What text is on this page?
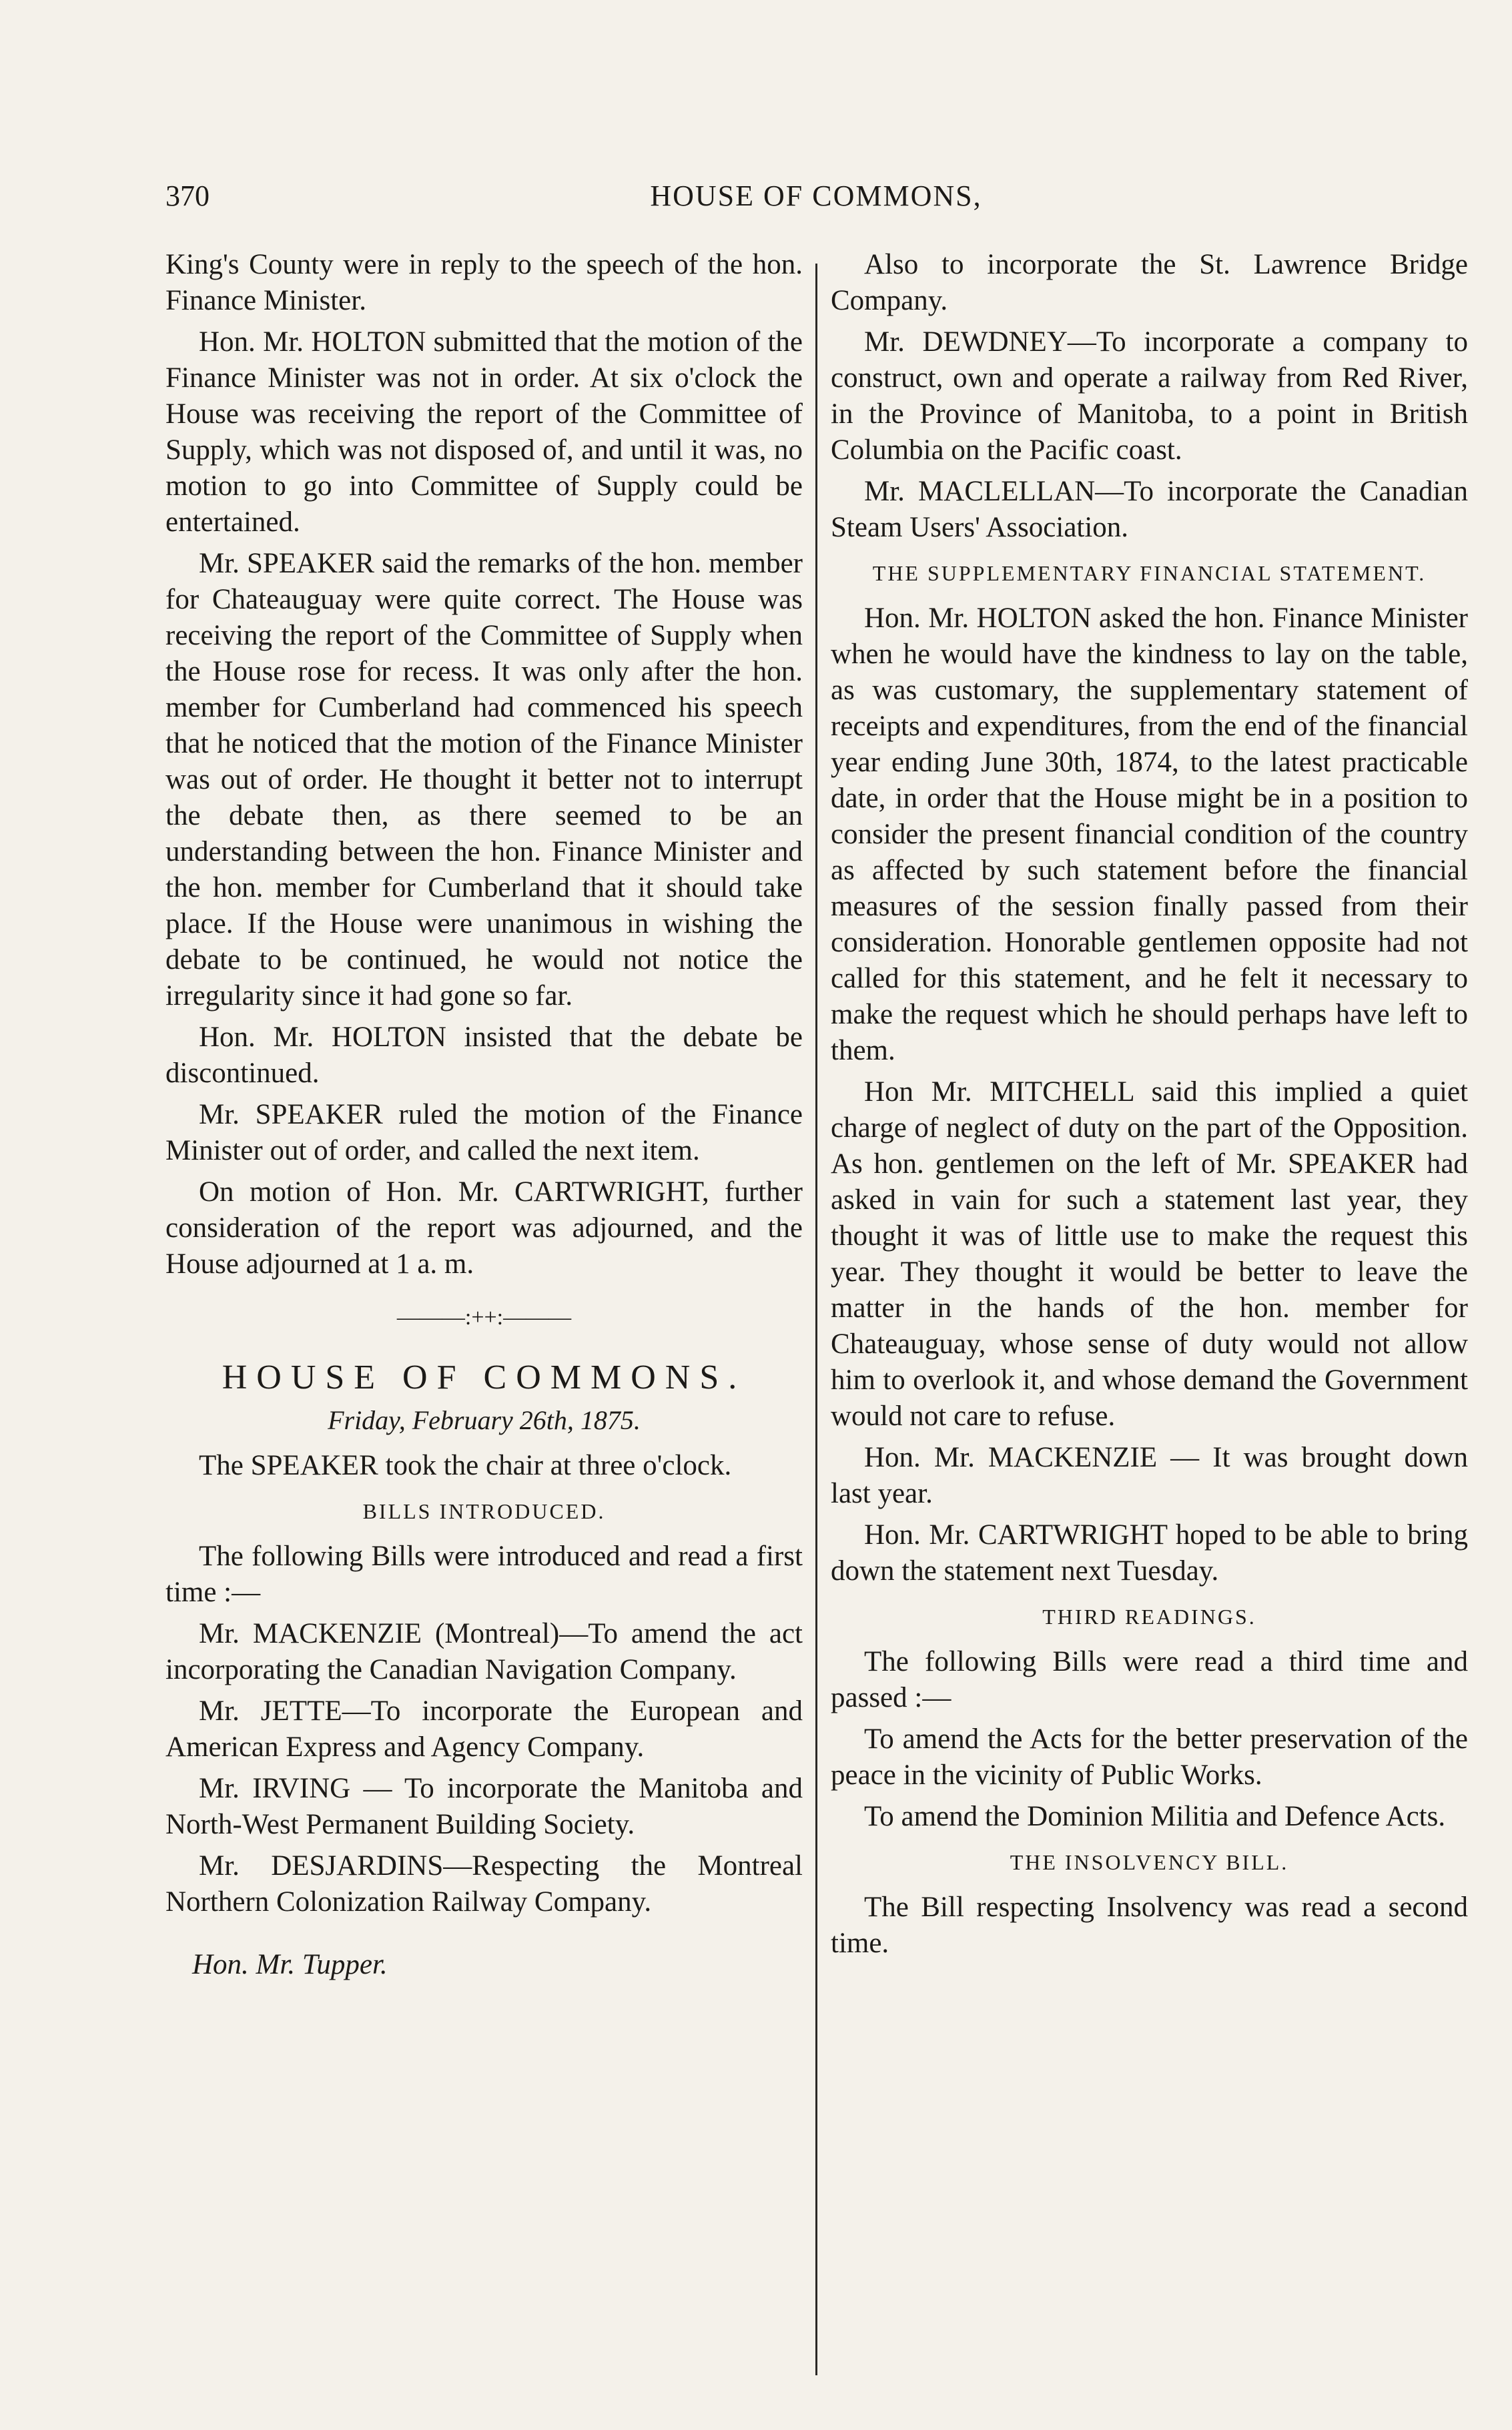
370	HOUSE OF COMMONS,

King's County were in reply to the speech of the hon. Finance Minister.

Hon. Mr. HOLTON submitted that the motion of the Finance Minister was not in order. At six o'clock the House was receiving the report of the Committee of Supply, which was not disposed of, and until it was, no motion to go into Committee of Supply could be entertained.

Mr. SPEAKER said the remarks of the hon. member for Chateauguay were quite correct. The House was receiving the report of the Committee of Supply when the House rose for recess. It was only after the hon. member for Cumberland had commenced his speech that he noticed that the motion of the Finance Minister was out of order. He thought it better not to interrupt the debate then, as there seemed to be an understanding between the hon. Finance Minister and the hon. member for Cumberland that it should take place. If the House were unanimous in wishing the debate to be continued, he would not notice the irregularity since it had gone so far.

Hon. Mr. HOLTON insisted that the debate be discontinued.

Mr. SPEAKER ruled the motion of the Finance Minister out of order, and called the next item.

On motion of Hon. Mr. CARTWRIGHT, further consideration of the report was adjourned, and the House adjourned at 1 a. m.

———:++:———
HOUSE OF COMMONS.
Friday, February 26th, 1875.

The SPEAKER took the chair at three o'clock.

BILLS INTRODUCED.

The following Bills were introduced and read a first time :—

Mr. MACKENZIE (Montreal)—To amend the act incorporating the Canadian Navigation Company.

Mr. JETTE—To incorporate the European and American Express and Agency Company.

Mr. IRVING — To incorporate the Manitoba and North-West Permanent Building Society.

Mr. DESJARDINS—Respecting the Montreal Northern Colonization Railway Company.

Hon. Mr. Tupper.

Also to incorporate the St. Lawrence Bridge Company.

Mr. DEWDNEY—To incorporate a company to construct, own and operate a railway from Red River, in the Province of Manitoba, to a point in British Columbia on the Pacific coast.

Mr. MACLELLAN—To incorporate the Canadian Steam Users' Association.

THE SUPPLEMENTARY FINANCIAL STATEMENT.

Hon. Mr. HOLTON asked the hon. Finance Minister when he would have the kindness to lay on the table, as was customary, the supplementary statement of receipts and expenditures, from the end of the financial year ending June 30th, 1874, to the latest practicable date, in order that the House might be in a position to consider the present financial condition of the country as affected by such statement before the financial measures of the session finally passed from their consideration. Honorable gentlemen opposite had not called for this statement, and he felt it necessary to make the request which he should perhaps have left to them.

Hon Mr. MITCHELL said this implied a quiet charge of neglect of duty on the part of the Opposition. As hon. gentlemen on the left of Mr. SPEAKER had asked in vain for such a statement last year, they thought it was of little use to make the request this year. They thought it would be better to leave the matter in the hands of the hon. member for Chateauguay, whose sense of duty would not allow him to overlook it, and whose demand the Government would not care to refuse.

Hon. Mr. MACKENZIE — It was brought down last year.

Hon. Mr. CARTWRIGHT hoped to be able to bring down the statement next Tuesday.

THIRD READINGS.

The following Bills were read a third time and passed :—

To amend the Acts for the better preservation of the peace in the vicinity of Public Works.

To amend the Dominion Militia and Defence Acts.

THE INSOLVENCY BILL.

The Bill respecting Insolvency was read a second time.
